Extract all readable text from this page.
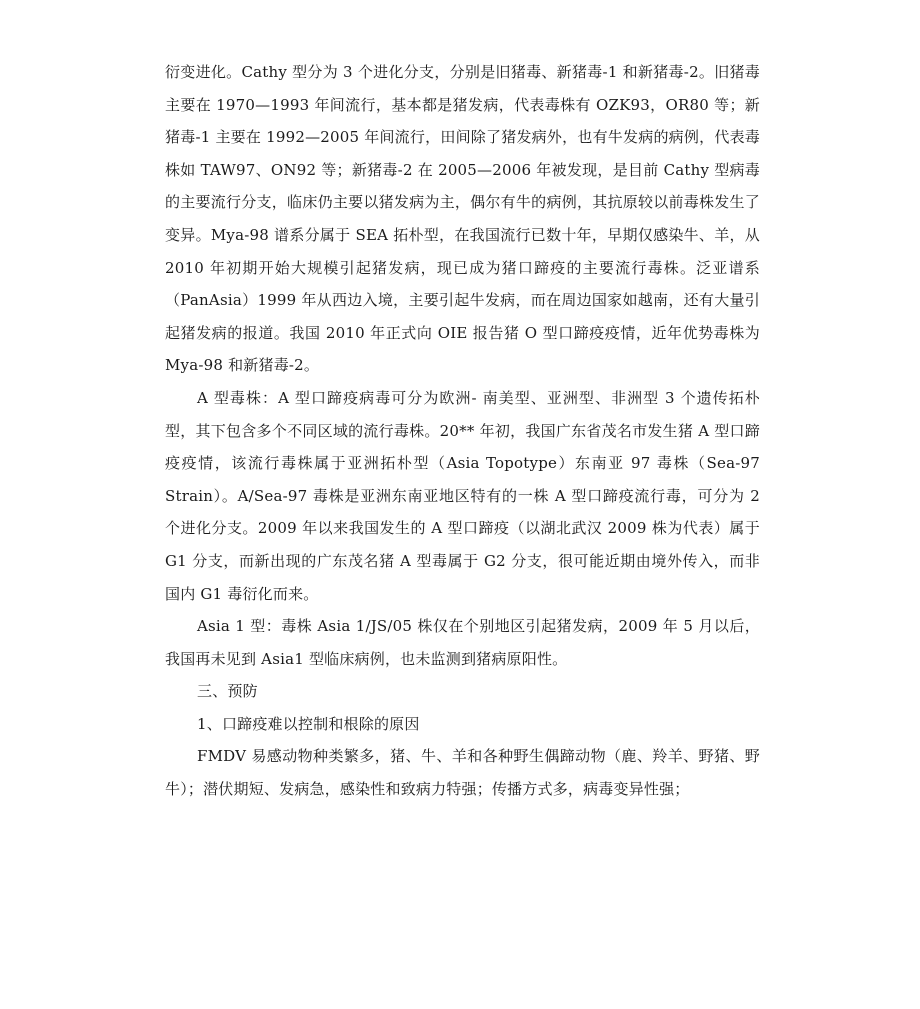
衍变进化。Cathy 型分为 3 个进化分支，分别是旧猪毒、新猪毒-1 和新猪毒-2。旧猪毒主要在 1970—1993 年间流行，基本都是猪发病，代表毒株有 OZK93，OR80 等；新猪毒-1 主要在 1992—2005 年间流行，田间除了猪发病外，也有牛发病的病例，代表毒株如 TAW97、ON92 等；新猪毒-2 在 2005—2006 年被发现，是目前 Cathy 型病毒的主要流行分支，临床仍主要以猪发病为主，偶尔有牛的病例，其抗原较以前毒株发生了变异。Mya-98 谱系分属于 SEA 拓朴型，在我国流行已数十年，早期仅感染牛、羊，从 2010 年初期开始大规模引起猪发病，现已成为猪口蹄疫的主要流行毒株。泛亚谱系（PanAsia）1999 年从西边入境，主要引起牛发病，而在周边国家如越南，还有大量引起猪发病的报道。我国 2010 年正式向 OIE 报告猪 O 型口蹄疫疫情，近年优势毒株为 Mya-98 和新猪毒-2。

A 型毒株：A 型口蹄疫病毒可分为欧洲- 南美型、亚洲型、非洲型 3 个遗传拓朴型，其下包含多个不同区域的流行毒株。20** 年初，我国广东省茂名市发生猪 A 型口蹄疫疫情，该流行毒株属于亚洲拓朴型（Asia Topotype）东南亚 97 毒株（Sea-97 Strain）。A/Sea-97 毒株是亚洲东南亚地区特有的一株 A 型口蹄疫流行毒，可分为 2 个进化分支。2009 年以来我国发生的 A 型口蹄疫（以湖北武汉 2009 株为代表）属于 G1 分支，而新出现的广东茂名猪 A 型毒属于 G2 分支，很可能近期由境外传入，而非国内 G1 毒衍化而来。

Asia 1 型：毒株 Asia 1/JS/05 株仅在个别地区引起猪发病，2009 年 5 月以后，我国再未见到 Asia1 型临床病例，也未监测到猪病原阳性。

三、预防

1、口蹄疫难以控制和根除的原因

FMDV 易感动物种类繁多，猪、牛、羊和各种野生偶蹄动物（鹿、羚羊、野猪、野牛）；潜伏期短、发病急，感染性和致病力特强；传播方式多，病毒变异性强；
